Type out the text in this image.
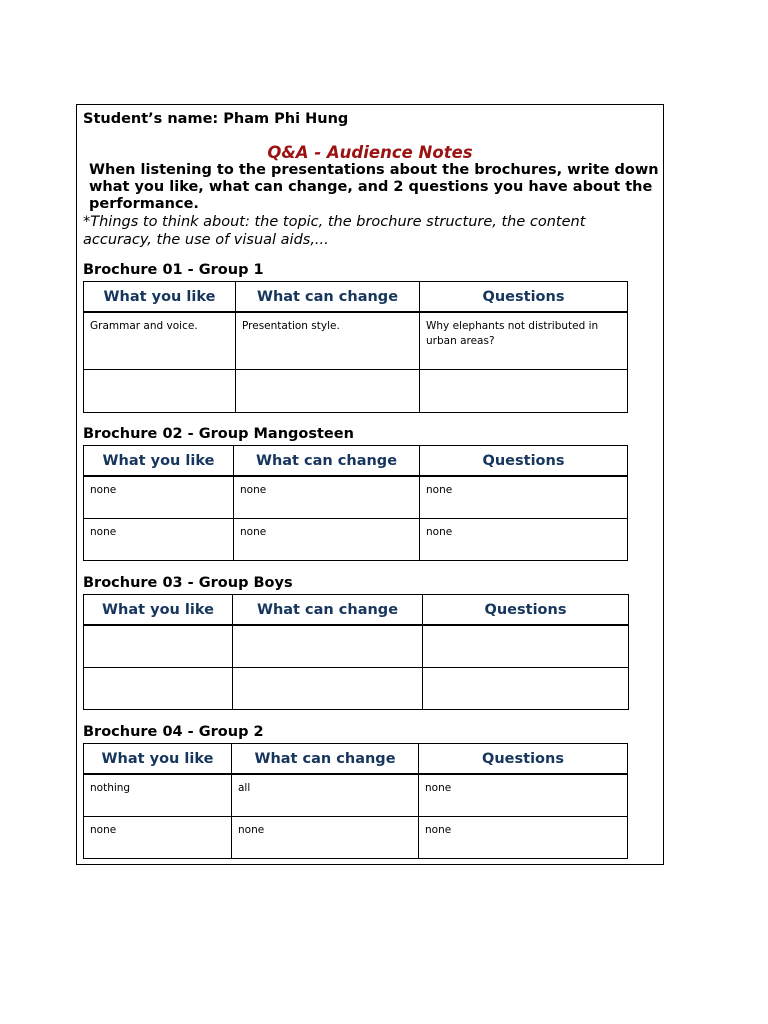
Student’s name: Pham Phi Hung
Q&A - Audience Notes
When listening to the presentations about the brochures, write down what you like, what can change, and 2 questions you have about the performance.
*Things to think about: the topic, the brochure structure, the content accuracy, the use of visual aids,...
Brochure 01 - Group 1
What you like	What can change	Questions

Grammar and voice.	Presentation style.	Why elephants not distributed in urban areas?

Brochure 02 - Group Mangosteen
What you like	What can change	Questions

none	none	none

none	none	none
Brochure 03 - Group Boys
What you like	What can change	Questions

Brochure 04 - Group 2
What you like	What can change	Questions

nothing	all	none

none	none	none
